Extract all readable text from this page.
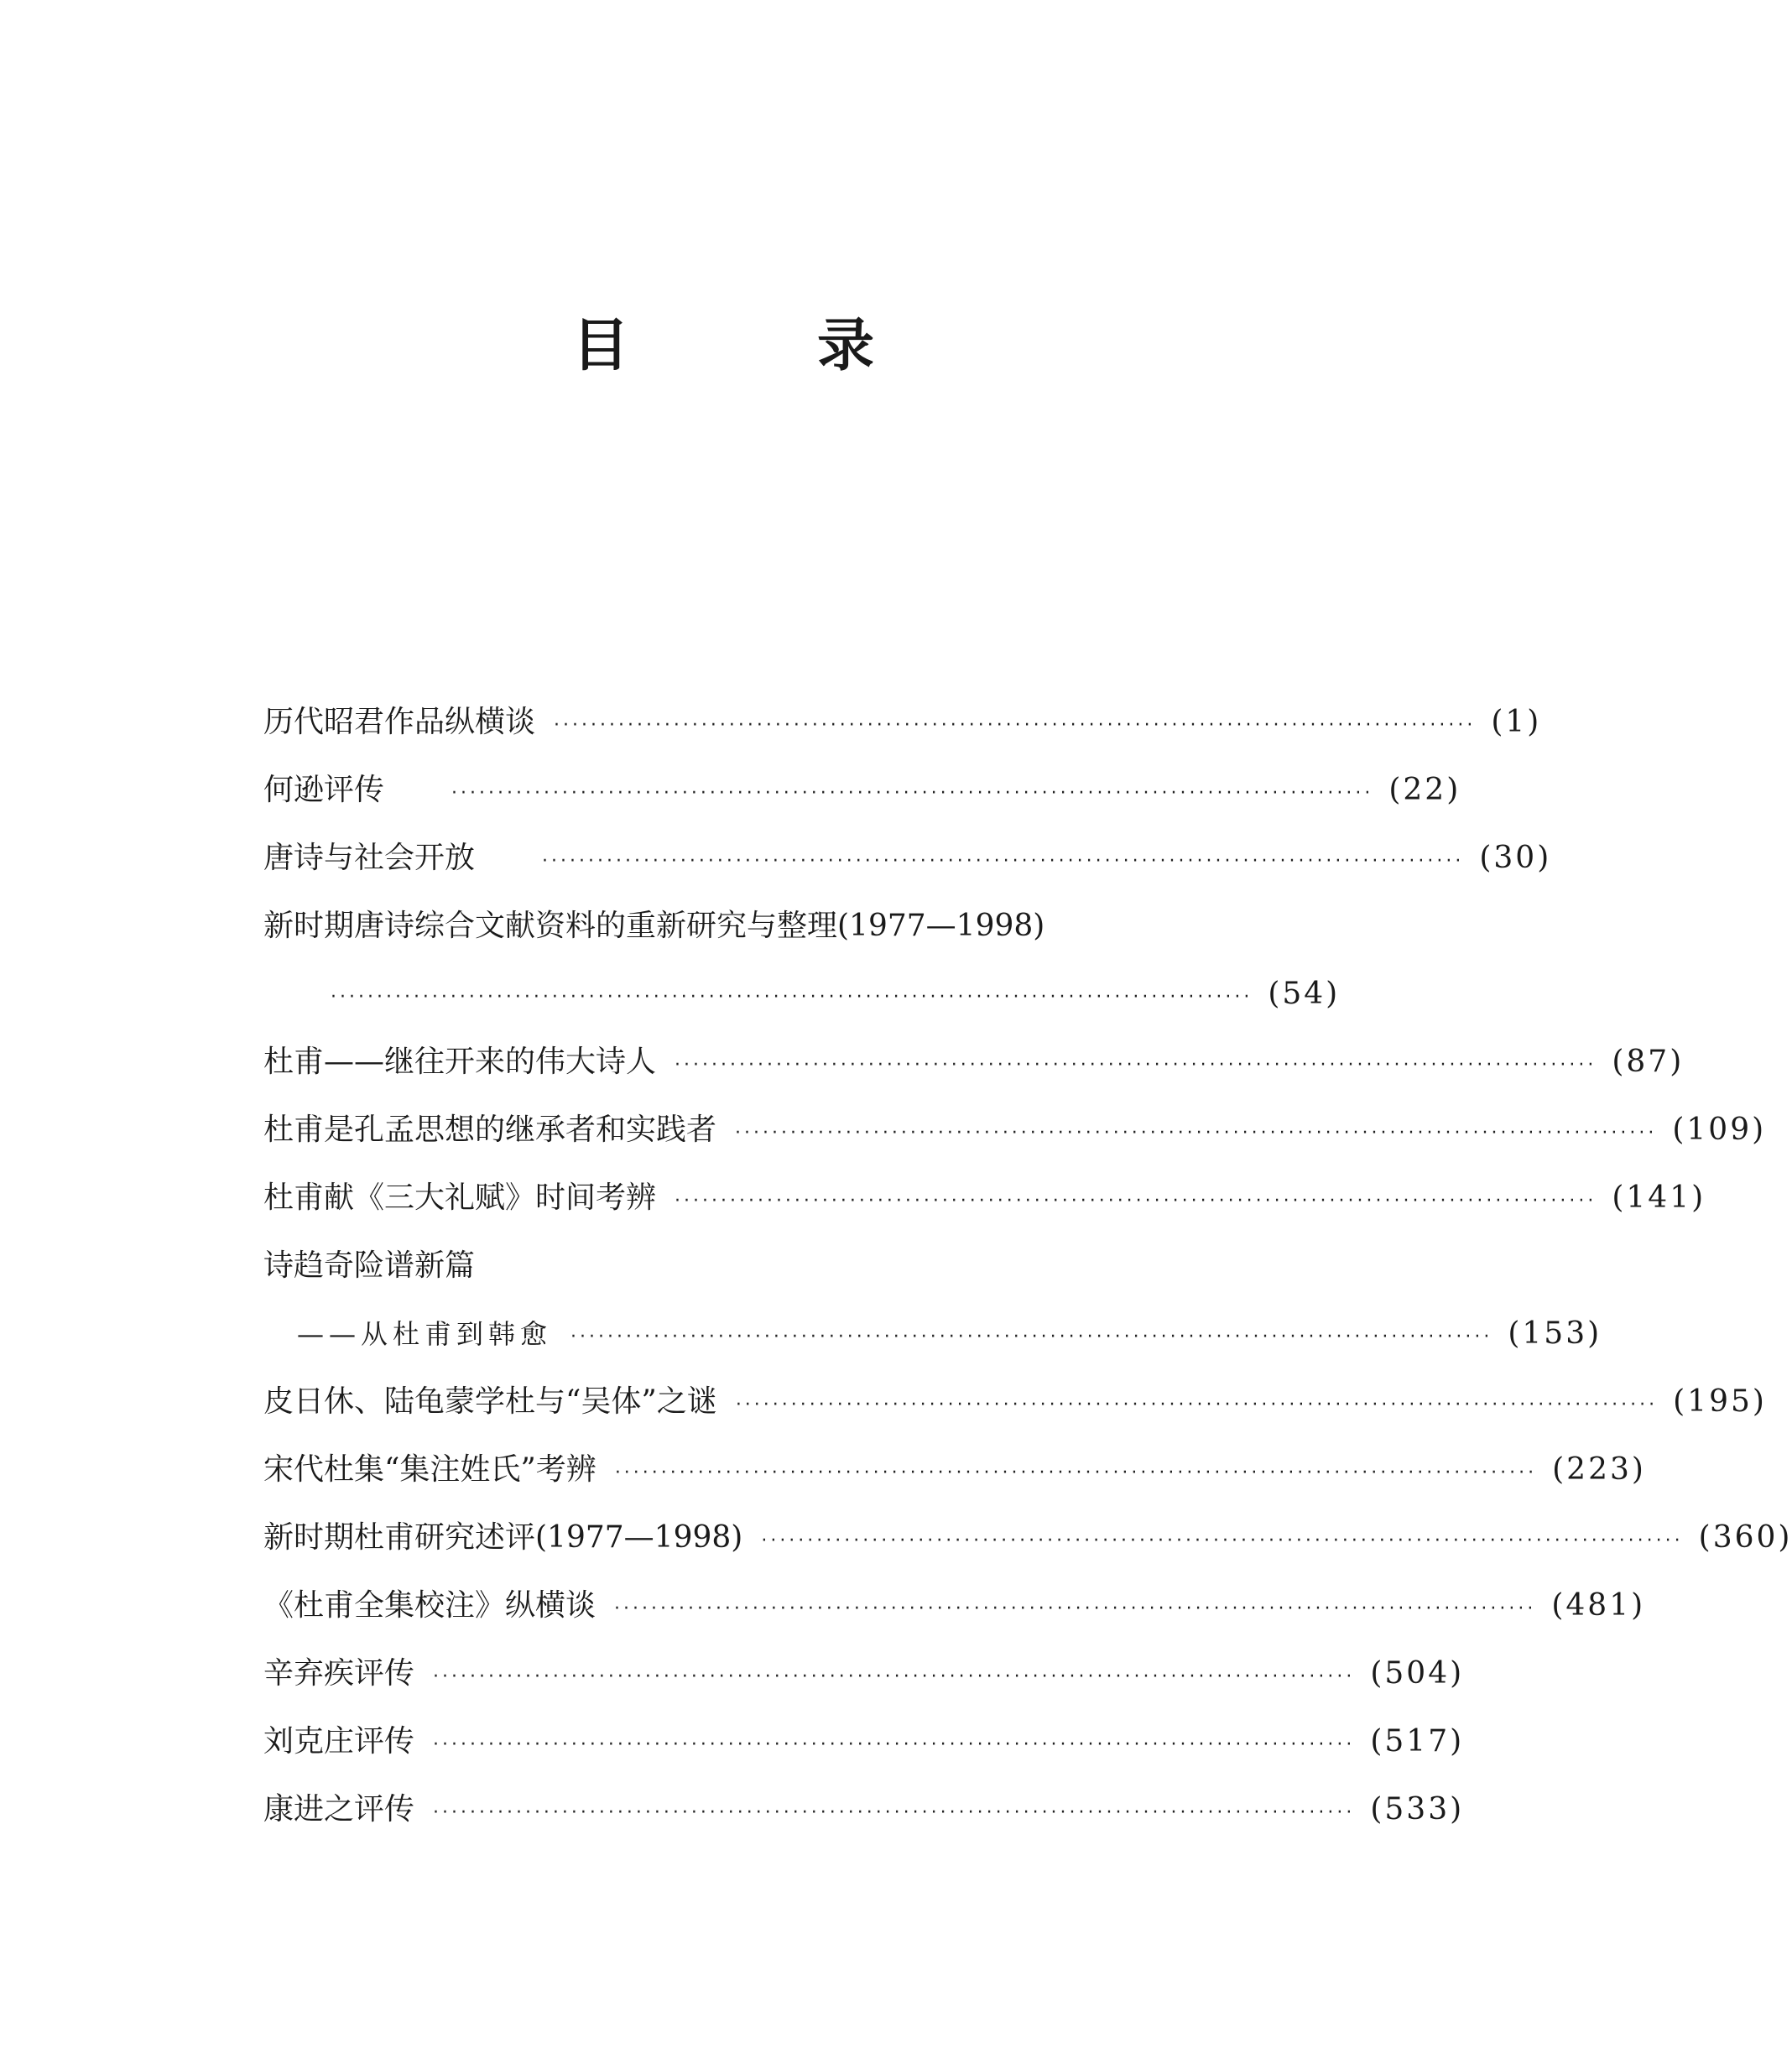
目　录
历代昭君作品纵横谈 ···································································································· (1)
何逊评传	···································································································· (22)
唐诗与社会开放	···································································································· (30)
新时期唐诗综合文献资料的重新研究与整理(1977—1998)
···································································································· (54)
杜甫——继往开来的伟大诗人 ···································································································· (87)
杜甫是孔孟思想的继承者和实践者 ···································································································· (109)
杜甫献《三大礼赋》时间考辨 ···································································································· (141)
诗趋奇险谱新篇
——从杜甫到韩愈 ···································································································· (153)
皮日休、陆龟蒙学杜与“吴体”之谜 ···································································································· (195)
宋代杜集“集注姓氏”考辨 ···································································································· (223)
新时期杜甫研究述评(1977—1998) ···································································································· (360)
《杜甫全集校注》纵横谈 ···································································································· (481)
辛弃疾评传 ···································································································· (504)
刘克庄评传 ···································································································· (517)
康进之评传 ···································································································· (533)
